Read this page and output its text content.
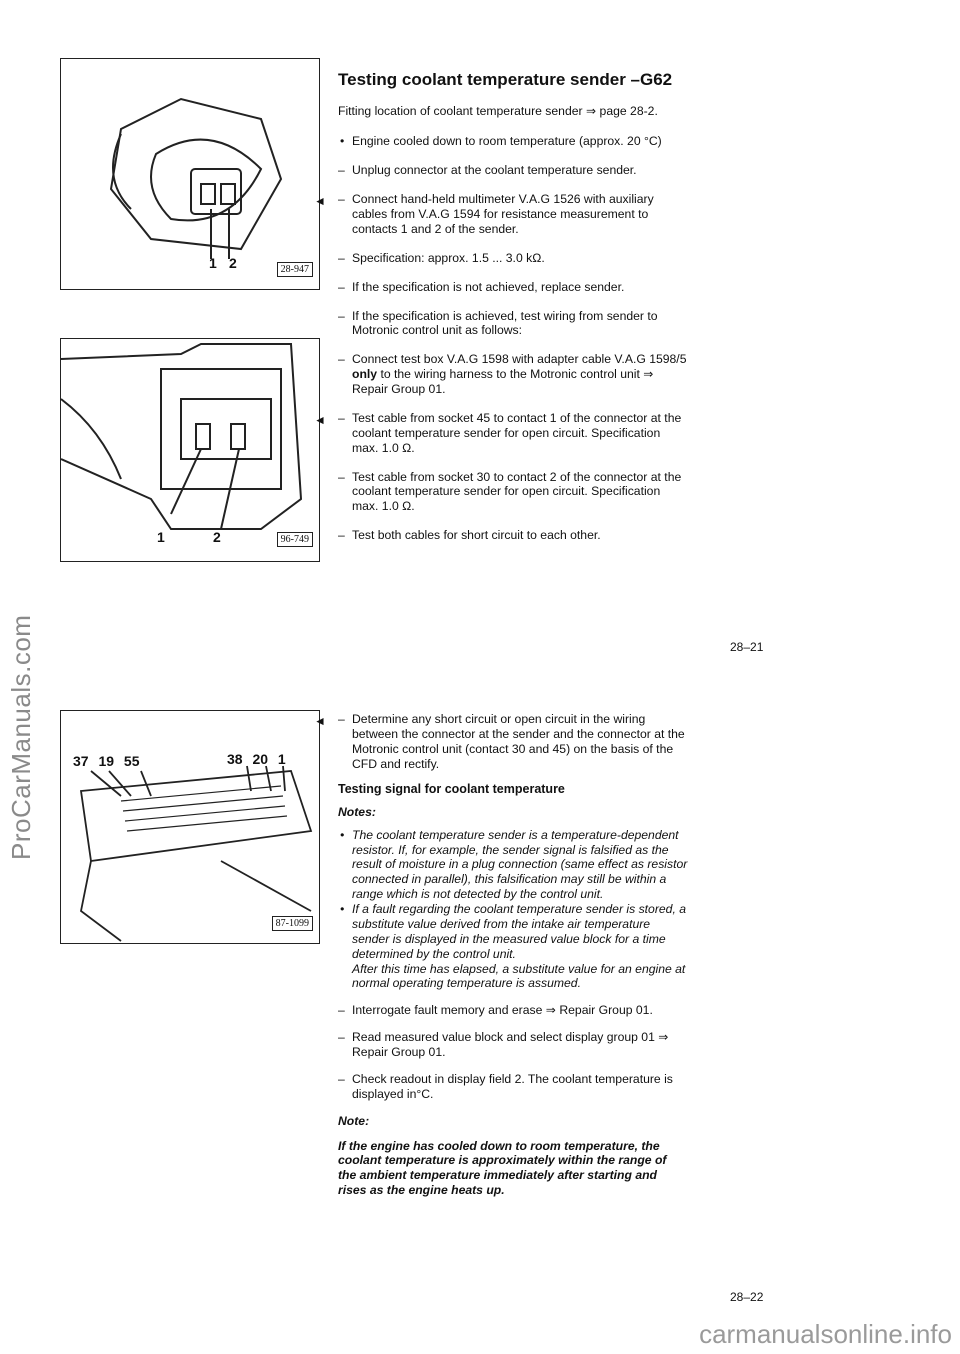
ProCarManuals.com
carmanualsonline.info
1 2	28-947
1	2	96-749
37 19 55	38 20 1
87-1099
Testing coolant temperature sender –G62
Fitting location of coolant temperature sender ⇒ page 28-2.
• Engine cooled down to room temperature (approx. 20 °C)
– Unplug connector at the coolant temperature sender.
– ◄ Connect hand-held multimeter V.A.G 1526 with auxiliary cables from V.A.G 1594 for resistance measurement to contacts 1 and 2 of the sender.
– Specification: approx. 1.5 ... 3.0 kΩ.
– If the specification is not achieved, replace sender.
– If the specification is achieved, test wiring from sender to Motronic control unit as follows:
– Connect test box V.A.G 1598 with adapter cable V.A.G 1598/5 only to the wiring harness to the Motronic control unit ⇒ Repair Group 01.
– ◄ Test cable from socket 45 to contact 1 of the connector at the coolant temperature sender for open circuit. Specification max. 1.0 Ω.
– Test cable from socket 30 to contact 2 of the connector at the coolant temperature sender for open circuit. Specification max. 1.0 Ω.
– Test both cables for short circuit to each other.
28–21
– ◄ Determine any short circuit or open circuit in the wiring between the connector at the sender and the connector at the Motronic control unit (contact 30 and 45) on the basis of the CFD and rectify.
Testing signal for coolant temperature
Notes:
• The coolant temperature sender is a temperature-dependent resistor. If, for example, the sender signal is falsified as the result of moisture in a plug connection (same effect as resistor connected in parallel), this falsification may still be within a range which is not detected by the control unit.
• If a fault regarding the coolant temperature sender is stored, a substitute value derived from the intake air temperature sender is displayed in the measured value block for a time determined by the control unit.
After this time has elapsed, a substitute value for an engine at normal operating temperature is assumed.
– Interrogate fault memory and erase ⇒ Repair Group 01.
– Read measured value block and select display group 01 ⇒ Repair Group 01.
– Check readout in display field 2. The coolant temperature is displayed in°C.
Note:
If the engine has cooled down to room temperature, the coolant temperature is approximately within the range of the ambient temperature immediately after starting and rises as the engine heats up.
28–22
